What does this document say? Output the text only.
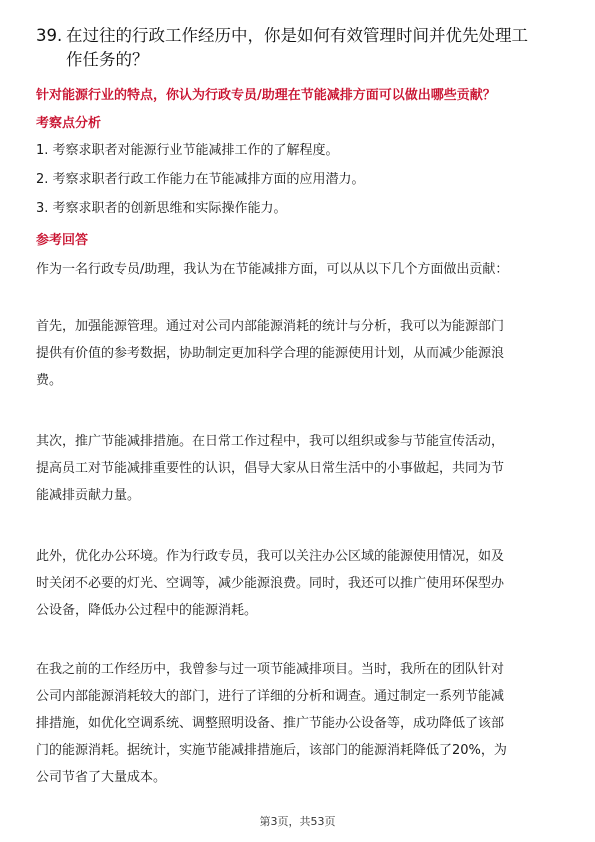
39. 在过往的行政工作经历中，你是如何有效管理时间并优先处理工
作任务的？
针对能源行业的特点，你认为行政专员/助理在节能减排方面可以做出哪些贡献？
考察点分析
1. 考察求职者对能源行业节能减排工作的了解程度。
2. 考察求职者行政工作能力在节能减排方面的应用潜力。
3. 考察求职者的创新思维和实际操作能力。
参考回答
作为一名行政专员/助理，我认为在节能减排方面，可以从以下几个方面做出贡献：
首先，加强能源管理。通过对公司内部能源消耗的统计与分析，我可以为能源部门
提供有价值的参考数据，协助制定更加科学合理的能源使用计划，从而减少能源浪
费。
其次，推广节能减排措施。在日常工作过程中，我可以组织或参与节能宣传活动，
提高员工对节能减排重要性的认识，倡导大家从日常生活中的小事做起，共同为节
能减排贡献力量。
此外，优化办公环境。作为行政专员，我可以关注办公区域的能源使用情况，如及
时关闭不必要的灯光、空调等，减少能源浪费。同时，我还可以推广使用环保型办
公设备，降低办公过程中的能源消耗。
在我之前的工作经历中，我曾参与过一项节能减排项目。当时，我所在的团队针对
公司内部能源消耗较大的部门，进行了详细的分析和调查。通过制定一系列节能减
排措施，如优化空调系统、调整照明设备、推广节能办公设备等，成功降低了该部
门的能源消耗。据统计，实施节能减排措施后，该部门的能源消耗降低了20%，为
公司节省了大量成本。
第3页，共53页
